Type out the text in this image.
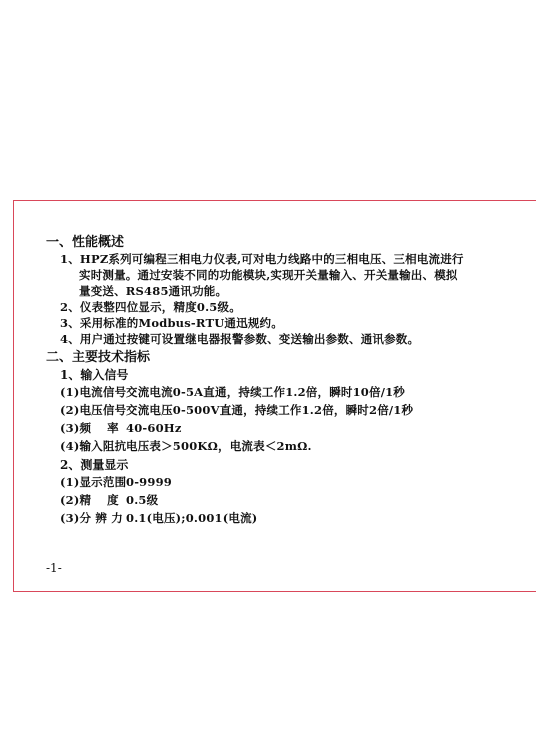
一、性能概述
1、HPZ系列可编程三相电力仪表,可对电力线路中的三相电压、三相电流进行
实时测量。通过安装不同的功能模块,实现开关量输入、开关量输出、模拟
量变送、RS485通讯功能。
2、仪表整四位显示，精度0.5级。
3、采用标准的Modbus-RTU通迅规约。
4、用户通过按键可设置继电器报警参数、变送输出参数、通讯参数。
二、主要技术指标
1、输入信号
(1)电流信号交流电流0-5A直通，持续工作1.2倍，瞬时10倍/1秒
(2)电压信号交流电压0-500V直通，持续工作1.2倍，瞬时2倍/1秒
(3)频　 率 40-60Hz
(4)输入阻抗电压表＞500KΩ，电流表＜2mΩ.
2、测量显示
(1)显示范围0-9999
(2)精　 度 0.5级
(3)分 辨 力 0.1(电压);0.001(电流)
-1-
